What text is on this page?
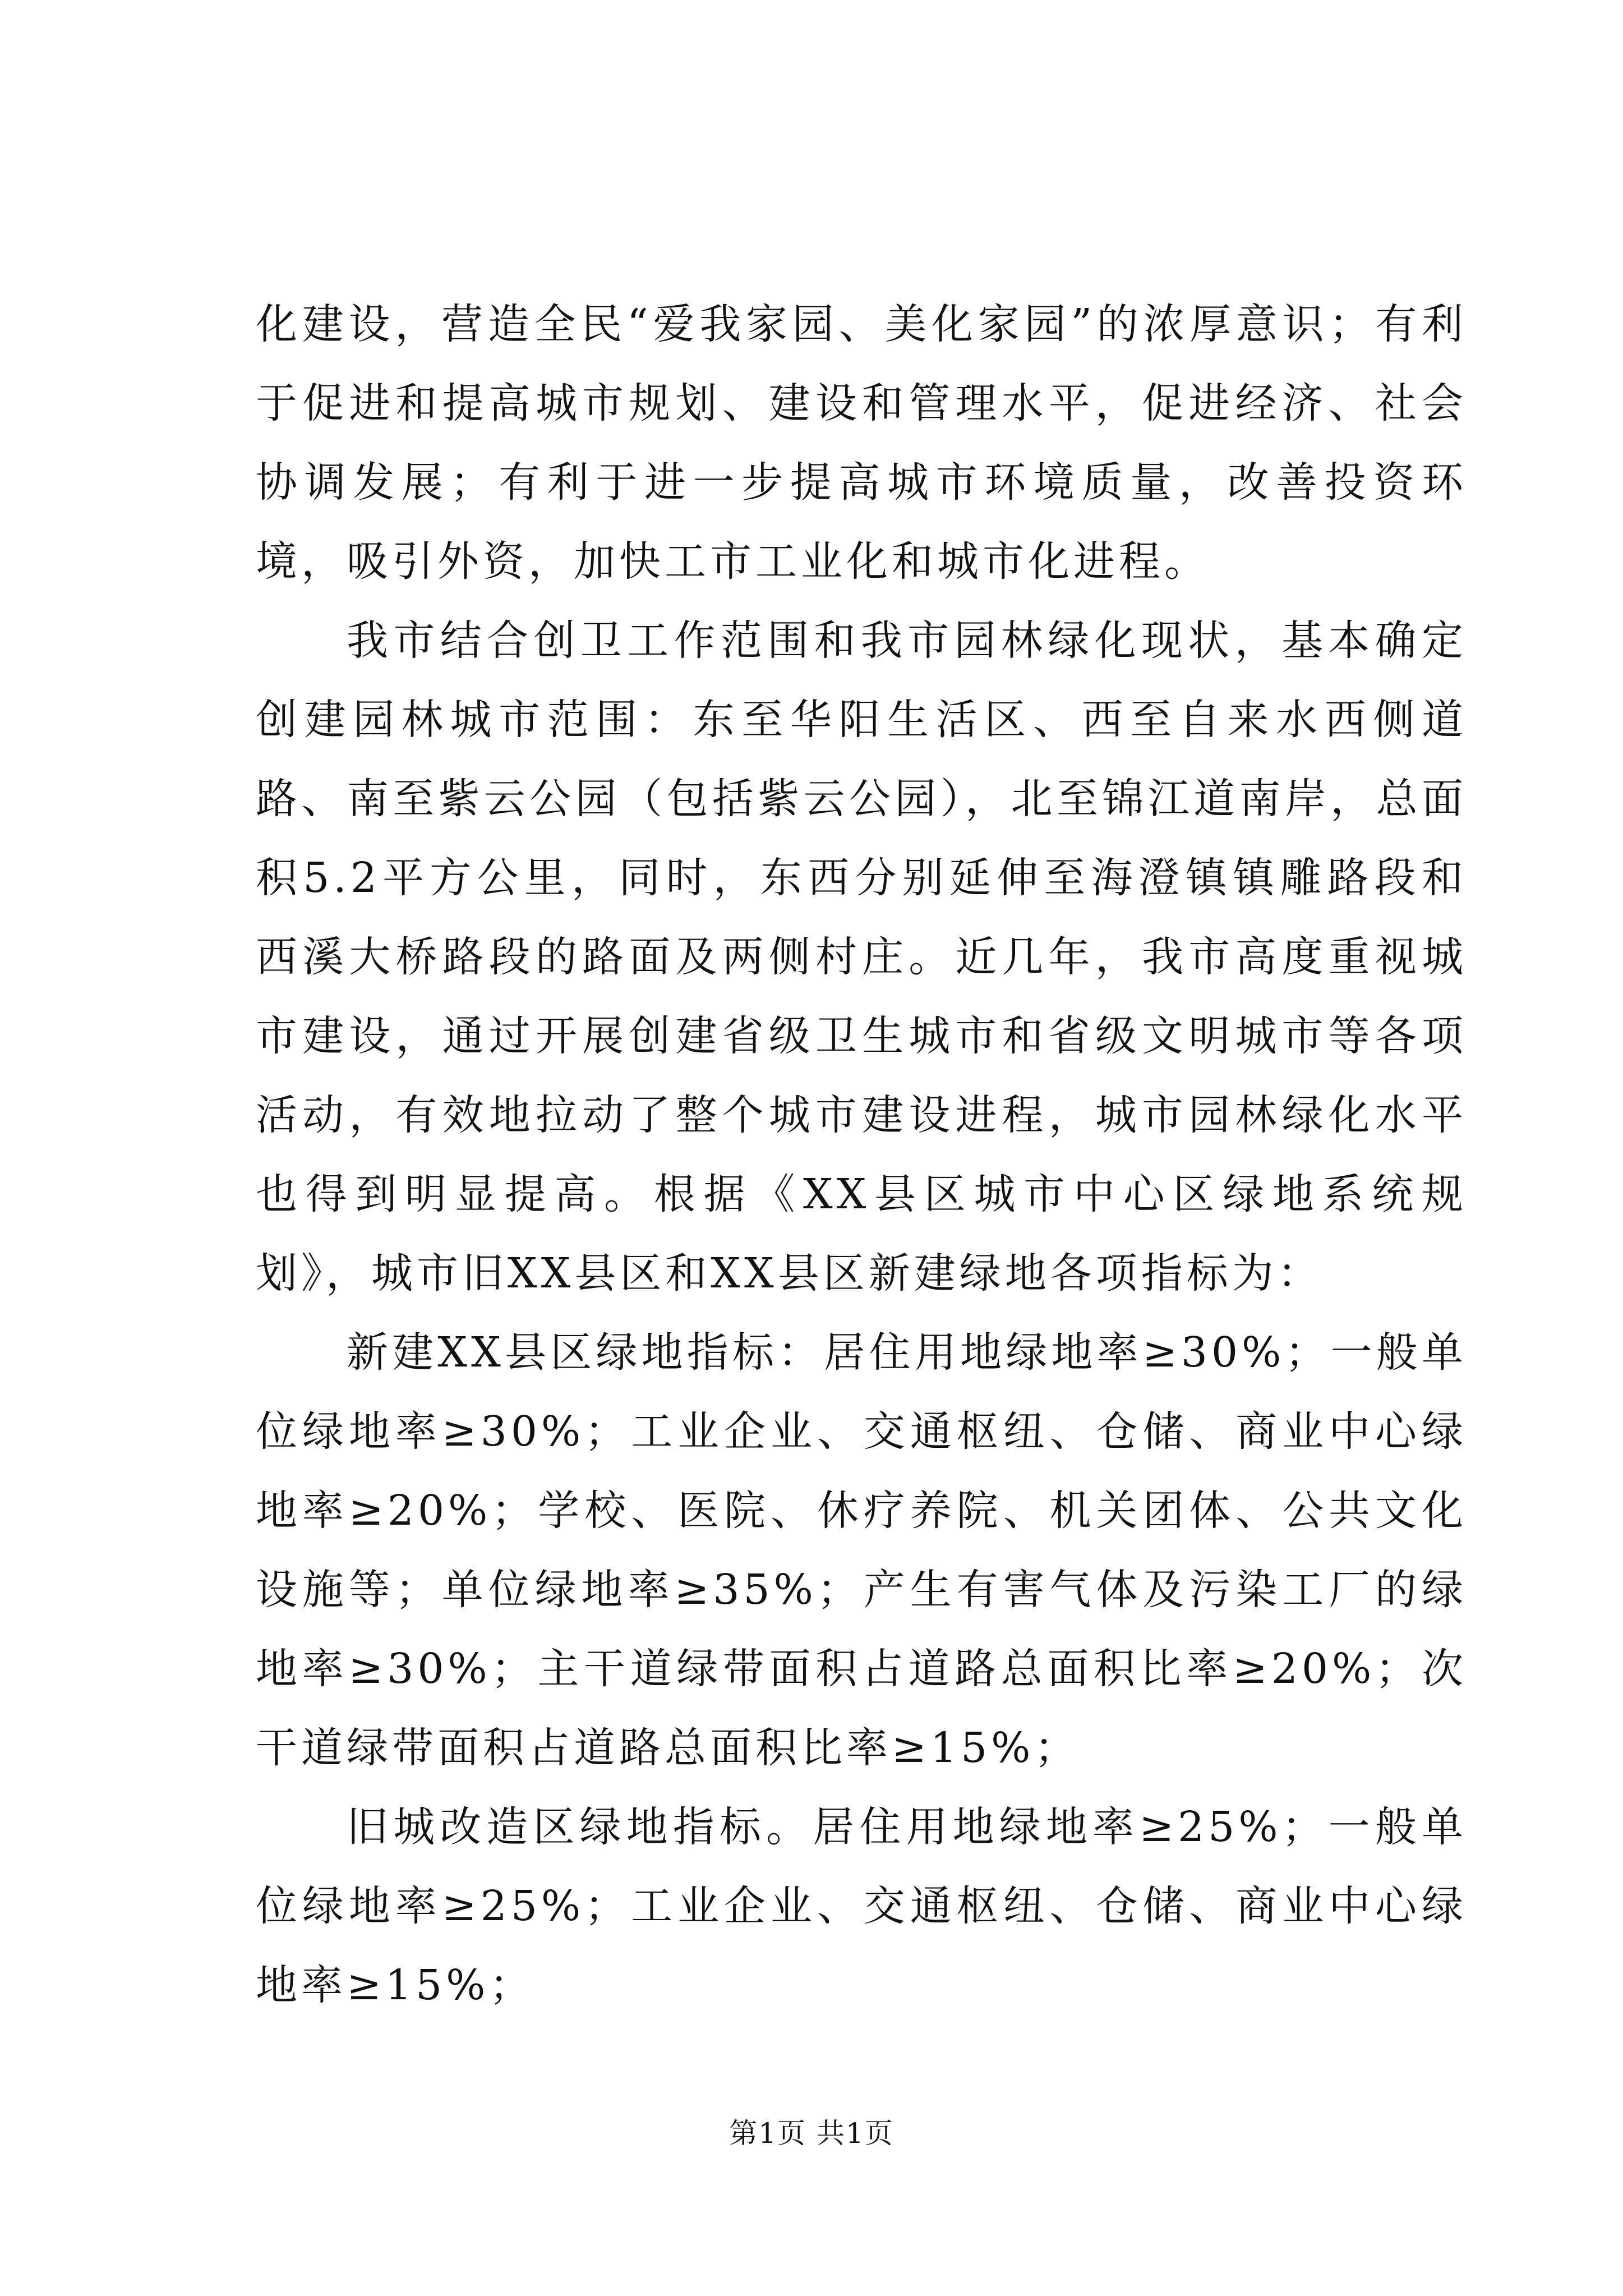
化建设，营造全民“爱我家园、美化家园”的浓厚意识；有利于促进和提高城市规划、建设和管理水平，促进经济、社会协调发展；有利于进一步提高城市环境质量，改善投资环境，吸引外资，加快工市工业化和城市化进程。

我市结合创卫工作范围和我市园林绿化现状，基本确定创建园林城市范围：东至华阳生活区、西至自来水西侧道路、南至紫云公园（包括紫云公园），北至锦江道南岸，总面积5.2平方公里，同时，东西分别延伸至海澄镇镇雕路段和西溪大桥路段的路面及两侧村庄。近几年，我市高度重视城市建设，通过开展创建省级卫生城市和省级文明城市等各项活动，有效地拉动了整个城市建设进程，城市园林绿化水平也得到明显提高。根据《XX县区城市中心区绿地系统规划》，城市旧XX县区和XX县区新建绿地各项指标为：

新建XX县区绿地指标：居住用地绿地率≥30%；一般单位绿地率≥30%；工业企业、交通枢纽、仓储、商业中心绿地率≥20%；学校、医院、休疗养院、机关团体、公共文化设施等；单位绿地率≥35%；产生有害气体及污染工厂的绿地率≥30%；主干道绿带面积占道路总面积比率≥20%；次干道绿带面积占道路总面积比率≥15%；

旧城改造区绿地指标。居住用地绿地率≥25%；一般单位绿地率≥25%；工业企业、交通枢纽、仓储、商业中心绿地率≥15%；

第1页 共1页
